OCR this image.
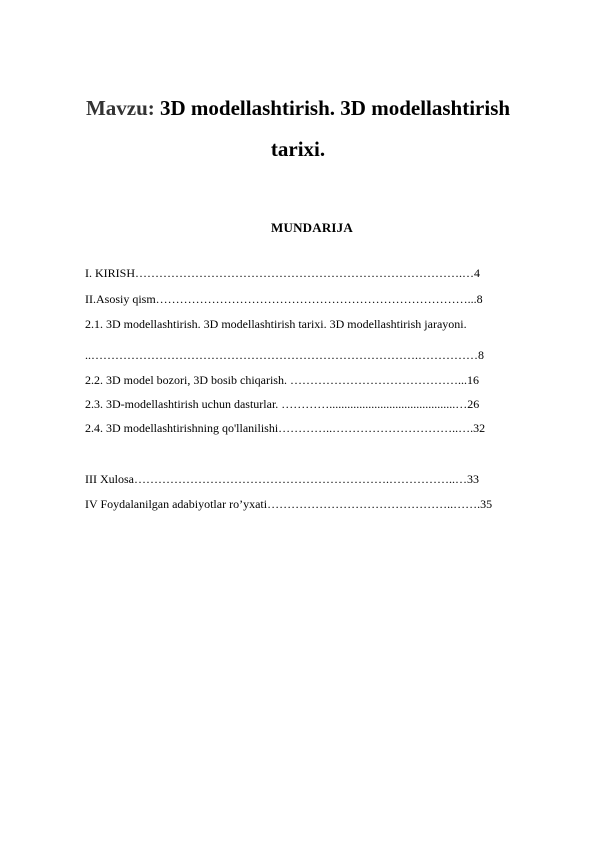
Mavzu: 3D modellashtirish. 3D modellashtirish
tarixi.
MUNDARIJA
I. KIRISH……………………………………………………………………….…4
II.Asosiy qism……………………………………………………………………...8
2.1. 3D modellashtirish. 3D modellashtirish tarixi. 3D modellashtirish jarayoni.
..……………………………………………………………………….……………8
2.2. 3D model bozori, 3D bosib chiqarish. ……………………………………...16
2.3. 3D-modellashtirish uchun dasturlar. …………..........................................…26
2.4. 3D modellashtirishning qo'llanilishi…………..…………………………..….32
III Xulosa……………………………………………………….……………..…33
IV Foydalanilgan adabiyotlar ro’yxati………………………………………..…….35
